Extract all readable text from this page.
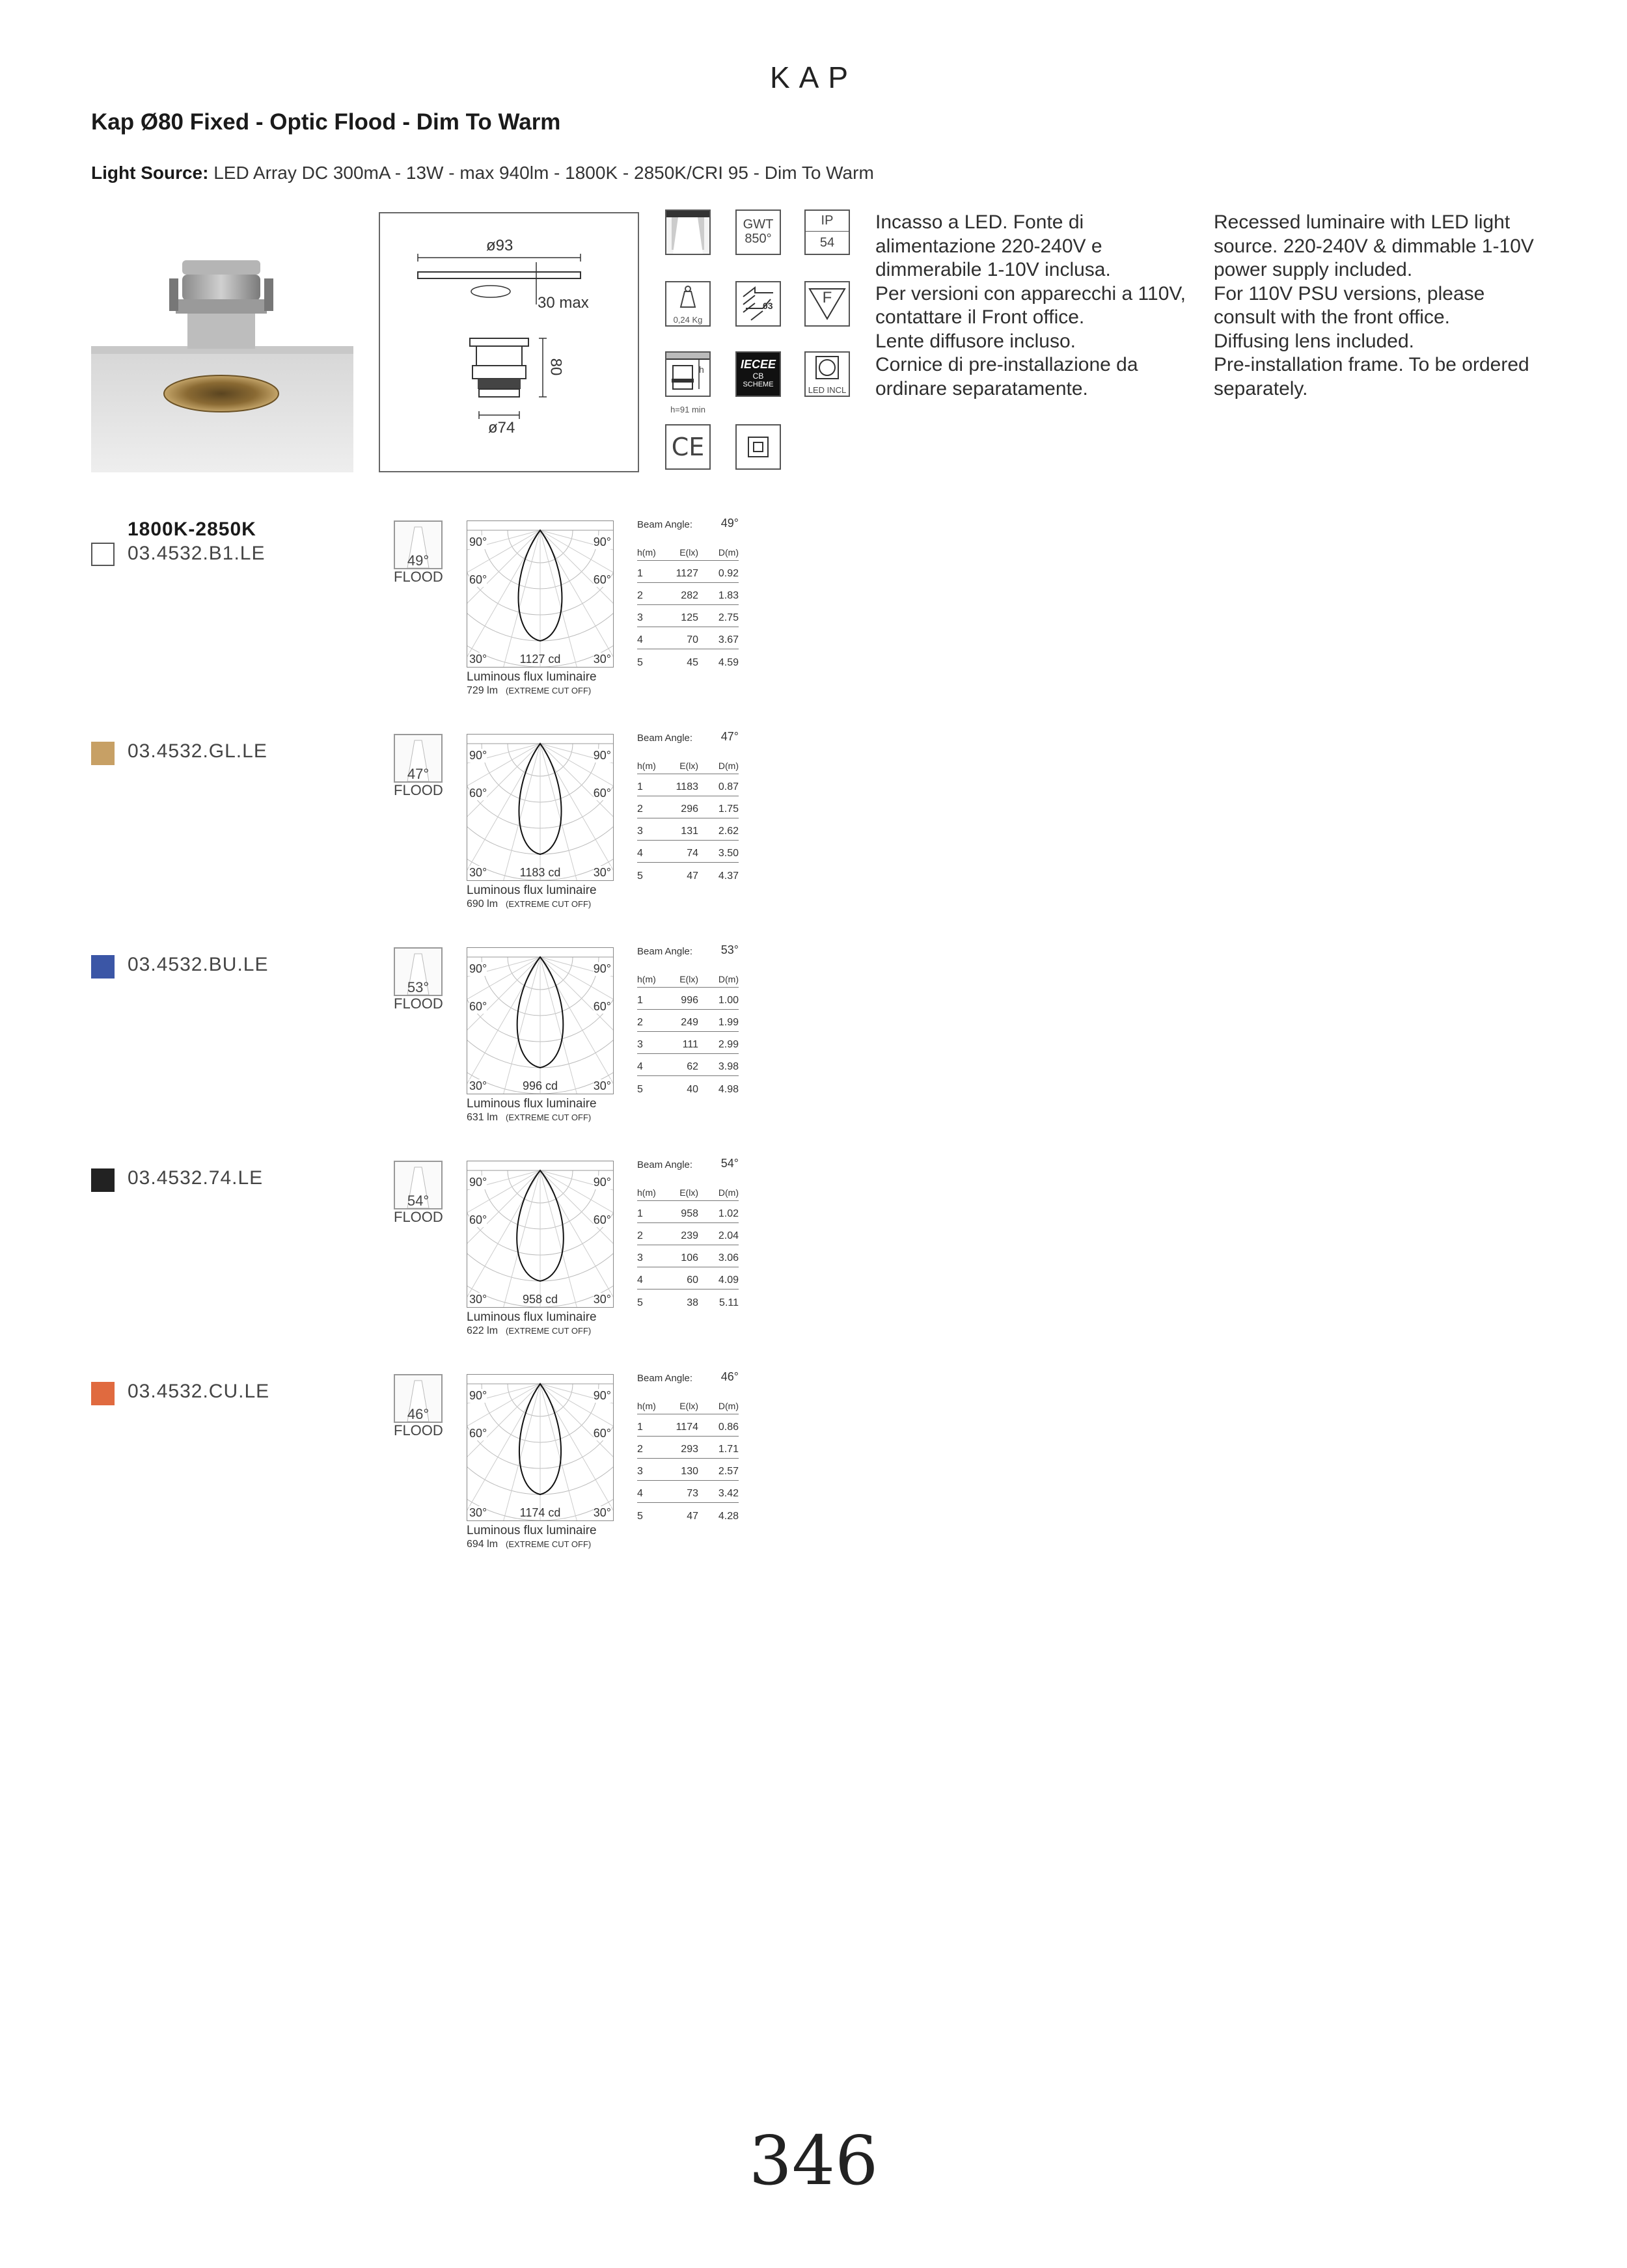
KAP
Kap Ø80 Fixed - Optic Flood - Dim To Warm
Light Source: LED Array DC 300mA - 13W - max 940lm - 1800K - 2850K/CRI 95 - Dim To Warm
ø93
30 max
80
ø74
GWT
850°
IP
54
0,24 Kg
03	F
h
h=91 min
IECEE
CB
SCHEME
LED INCL
CE
Incasso a LED. Fonte di
alimentazione 220-240V e
dimmerabile 1-10V inclusa.
Per versioni con apparecchi a 110V,
contattare il Front office.
Lente diffusore incluso.
Cornice di pre-installazione da
ordinare separatamente.
Recessed luminaire with LED light
source. 220-240V & dimmable 1-10V
power supply included.
For 110V PSU versions, please
consult with the front office.
Diffusing lens included.
Pre-installation frame. To be ordered
separately.
1800K-2850K
03.4532.B1.LE	49°
FLOOD
90°	90°
60°	60°
30°	30°
1127 cd
Luminous flux luminaire
729 lm (EXTREME CUT OFF)
Beam Angle: 49°
h(m)	E(lx) D(m)
1	1127 0.92
2	282 1.83
3	125 2.75
4	70 3.67
5	45 4.59
03.4532.GL.LE
47°
FLOOD
90°	90°
60°	60°
30°	30°
1183 cd
Luminous flux luminaire
690 lm (EXTREME CUT OFF)
Beam Angle: 47°
h(m)	E(lx) D(m)
1	1183 0.87
2	296 1.75
3	131 2.62
4	74 3.50
5	47 4.37
03.4532.BU.LE
53°
FLOOD
90°	90°
60°	60°
30°	30°
996 cd
Luminous flux luminaire
631 lm (EXTREME CUT OFF)
Beam Angle: 53°
h(m)	E(lx) D(m)
1	996 1.00
2	249 1.99
3	111 2.99
4	62 3.98
5	40 4.98
03.4532.74.LE
54°
FLOOD
90°	90°
60°	60°
30°	30°
958 cd
Luminous flux luminaire
622 lm (EXTREME CUT OFF)
Beam Angle: 54°
h(m)	E(lx) D(m)
1	958 1.02
2	239 2.04
3	106 3.06
4	60 4.09
5	38 5.11
03.4532.CU.LE
46°
FLOOD
90°	90°
60°	60°
30°	30°
1174 cd
Luminous flux luminaire
694 lm (EXTREME CUT OFF)
Beam Angle: 46°
h(m)	E(lx) D(m)
1	1174 0.86
2	293 1.71
3	130 2.57
4	73 3.42
5	47 4.28
346
